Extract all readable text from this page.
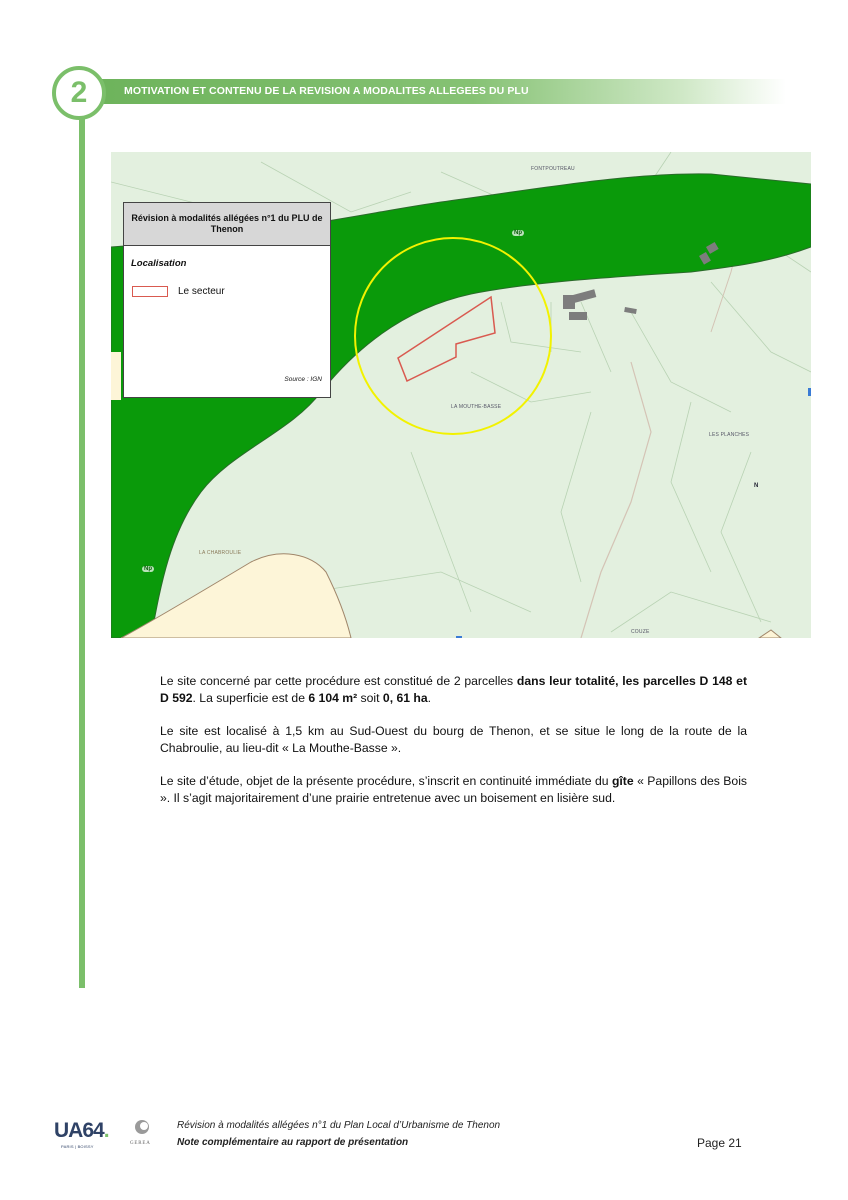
2	MOTIVATION ET CONTENU DE LA REVISION A MODALITES ALLEGEES DU PLU
Np
Np
FONTPOUTREAU
LA MOUTHE-BASSE
LES PLANCHES
LA CHABROULIE
COUZE
N
Révision à modalités allégées n°1 du PLU de Thenon
Localisation
Le secteur
Source : IGN

Le site concerné par cette procédure est constitué de 2 parcelles dans leur totalité, les parcelles D 148 et D 592. La superficie est de 6 104 m² soit 0, 61 ha.

Le site est localisé à 1,5 km au Sud-Ouest du bourg de Thenon, et se situe le long de la route de la Chabroulie, au lieu-dit « La Mouthe-Basse ».

Le site d’étude, objet de la présente procédure, s’inscrit en continuité immédiate du gîte « Papillons des Bois ». Il s’agit majoritairement d’une prairie entretenue avec un boisement en lisière sud.

UA64.
PARIS | BOISSY
GEREA
Révision à modalités allégées n°1 du Plan Local d’Urbanisme de Thenon
Note complémentaire au rapport de présentation	Page 21
